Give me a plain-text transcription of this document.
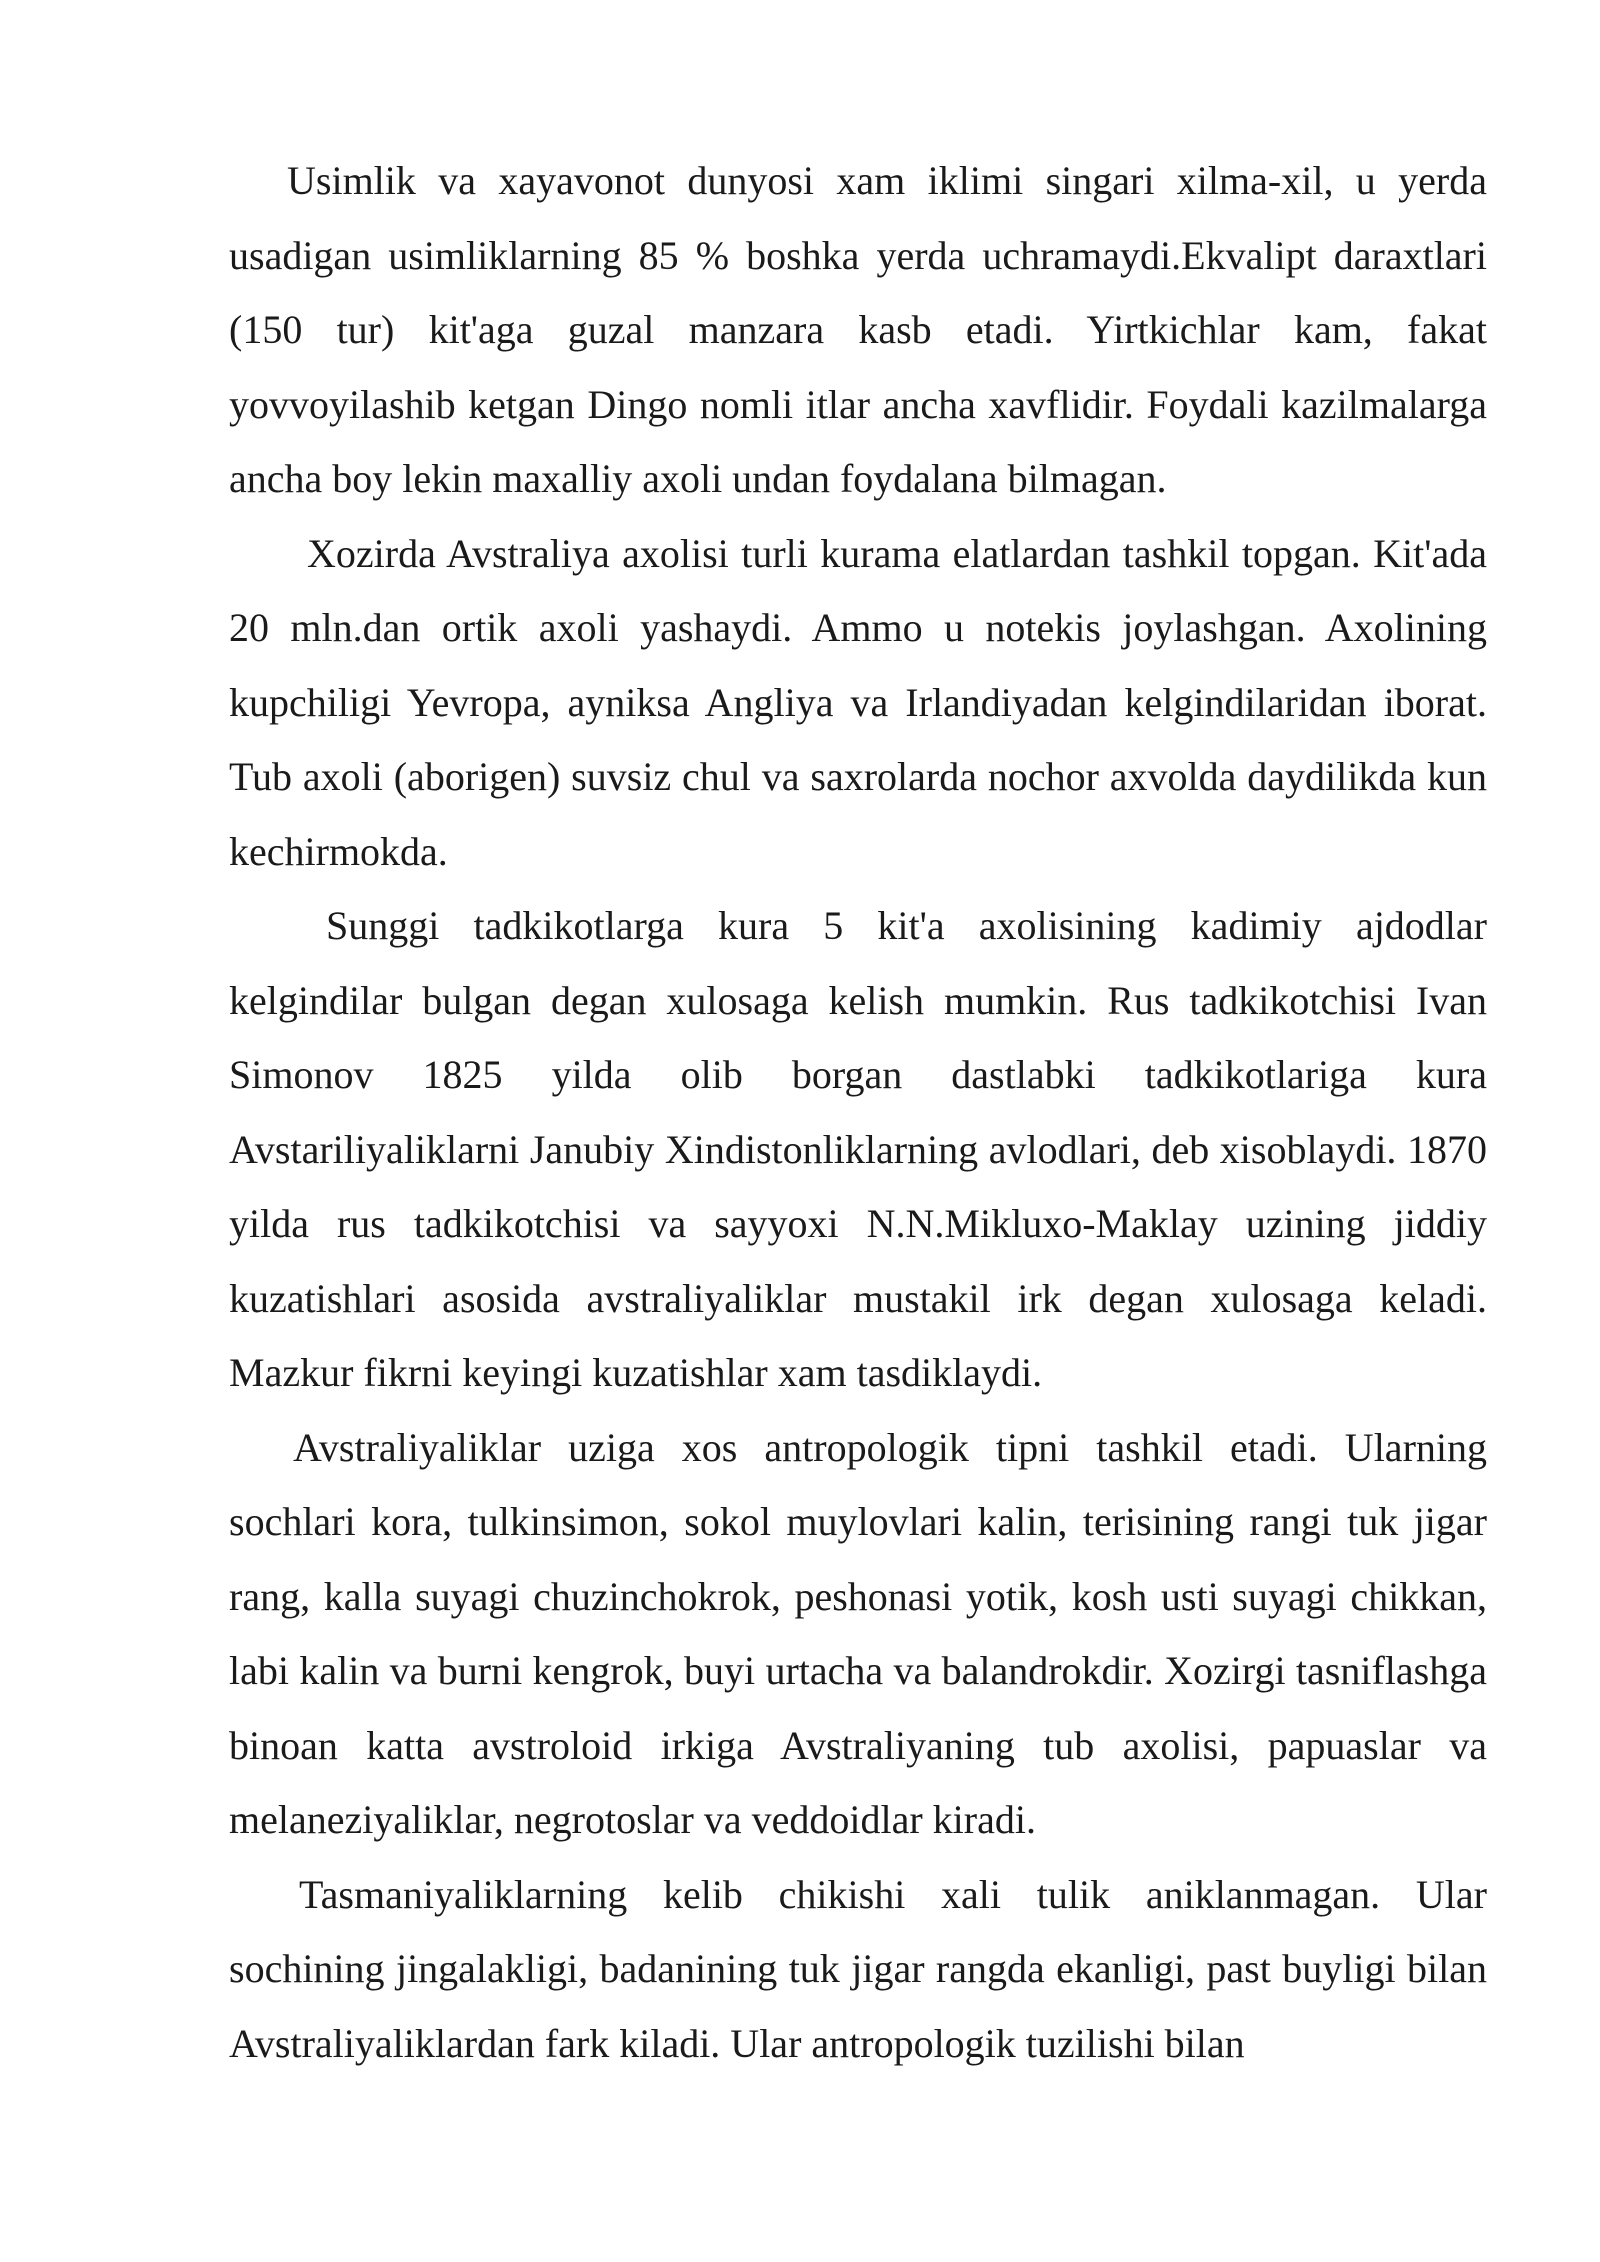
Usimlik va xayavonot dunyosi xam iklimi singari xilma-xil, u yerda usadigan usimliklarning 85 % boshka yerda uchramaydi.Ekvalipt daraxtlari (150 tur) kit'aga guzal manzara kasb etadi. Yirtkichlar kam, fakat yovvoyilashib ketgan Dingo nomli itlar ancha xavflidir. Foydali kazilmalarga ancha boy lekin maxalliy axoli undan foydalana bilmagan.

Xozirda Avstraliya axolisi turli kurama elatlardan tashkil topgan. Kit'ada 20 mln.dan ortik axoli yashaydi. Ammo u notekis joylashgan. Axolining kupchiligi Yevropa, ayniksa Angliya va Irlandiyadan kelgindilaridan iborat. Tub axoli (aborigen) suvsiz chul va saxrolarda nochor axvolda daydilikda kun kechirmokda.

Sunggi tadkikotlarga kura 5 kit'a axolisining kadimiy ajdodlar kelgindilar bulgan degan xulosaga kelish mumkin. Rus tadkikotchisi Ivan Simonov 1825 yilda olib borgan dastlabki tadkikotlariga kura Avstariliyaliklarni Janubiy Xindistonliklarning avlodlari, deb xisoblaydi. 1870 yilda rus tadkikotchisi va sayyoxi N.N.Mikluxo-Maklay uzining jiddiy kuzatishlari asosida avstraliyaliklar mustakil irk degan xulosaga keladi. Mazkur fikrni keyingi kuzatishlar xam tasdiklaydi.

Avstraliyaliklar uziga xos antropologik tipni tashkil etadi. Ularning sochlari kora, tulkinsimon, sokol muylovlari kalin, terisining rangi tuk jigar rang, kalla suyagi chuzinchokrok, peshonasi yotik, kosh usti suyagi chikkan, labi kalin va burni kengrok, buyi urtacha va balandrokdir. Xozirgi tasniflashga binoan katta avstroloid irkiga Avstraliyaning tub axolisi, papuaslar va melaneziyaliklar, negrotoslar va veddoidlar kiradi.

Tasmaniyaliklarning kelib chikishi xali tulik aniklanmagan. Ular sochining jingalakligi, badanining tuk jigar rangda ekanligi, past buyligi bilan Avstraliyaliklardan fark kiladi. Ular antropologik tuzilishi bilan
